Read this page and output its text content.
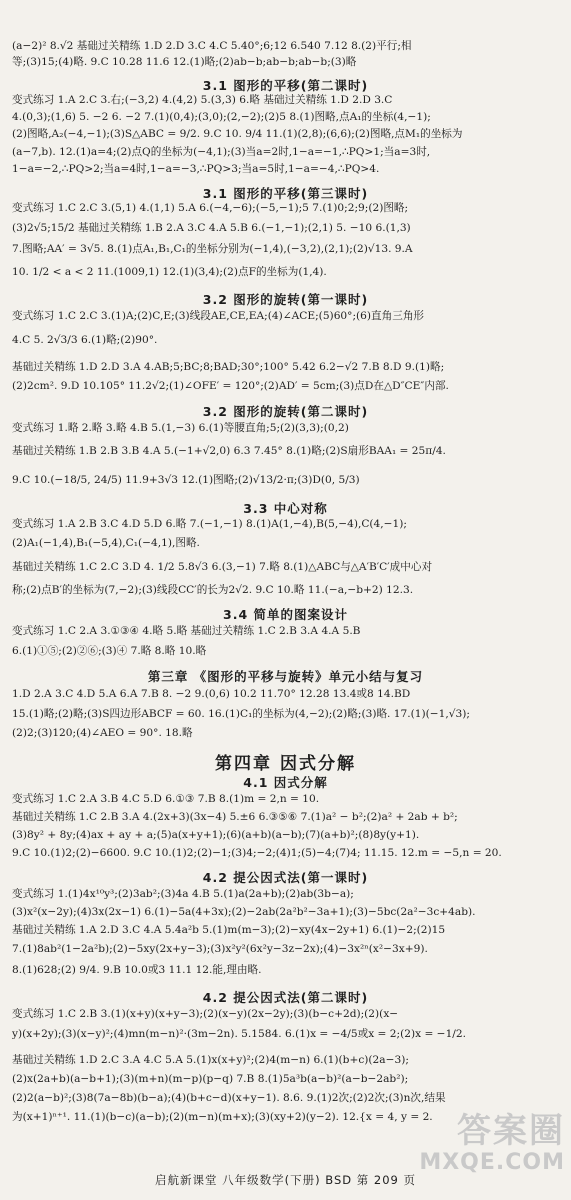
(a−2)² 8.√2 基础过关精练 1.D 2.D 3.C 4.C 5.40°;6;12 6.540 7.12 8.(2)平行;相
等;(3)15;(4)略. 9.C 10.28 11.6 12.(1)略;(2)ab−b;ab−b;ab−b;(3)略
3.1 图形的平移(第二课时)
变式练习 1.A 2.C 3.右;(−3,2) 4.(4,2) 5.(3,3) 6.略 基础过关精练 1.D 2.D 3.C
4.(0,3);(1,6) 5. −2 6. −2 7.(1)(0,4);(3,0);(2,−2);(2)5 8.(1)图略,点A₁的坐标(4,−1);
(2)图略,A₂(−4,−1);(3)S△ABC = 9/2. 9.C 10. 9/4 11.(1)(2,8);(6,6);(2)图略,点M₁的坐标为
(a−7,b). 12.(1)a=4;(2)点Q的坐标为(−4,1);(3)当a=2时,1−a=−1,∴PQ>1;当a=3时,
1−a=−2,∴PQ>2;当a=4时,1−a=−3,∴PQ>3;当a=5时,1−a=−4,∴PQ>4.
3.1 图形的平移(第三课时)
变式练习 1.C 2.C 3.(5,1) 4.(1,1) 5.A 6.(−4,−6);(−5,−1);5 7.(1)0;2;9;(2)图略;
(3)2√5;15/2 基础过关精练 1.B 2.A 3.C 4.A 5.B 6.(−1,−1);(2,1) 5. −10 6.(1,3)
7.图略;AA′ = 3√5. 8.(1)点A₁,B₁,C₁的坐标分别为(−1,4),(−3,2),(2,1);(2)√13. 9.A
10. 1/2 < a < 2 11.(1009,1) 12.(1)(3,4);(2)点F的坐标为(1,4).
3.2 图形的旋转(第一课时)
变式练习 1.C 2.C 3.(1)A;(2)C,E;(3)线段AE,CE,EA;(4)∠ACE;(5)60°;(6)直角三角形
4.C 5. 2√3/3 6.(1)略;(2)90°.
基础过关精练 1.D 2.D 3.A 4.AB;5;BC;8;BAD;30°;100° 5.42 6.2−√2 7.B 8.D 9.(1)略;
(2)2cm². 9.D 10.105° 11.2√2;(1)∠OFE′ = 120°;(2)AD′ = 5cm;(3)点D在△D″CE″内部.
3.2 图形的旋转(第二课时)
变式练习 1.略 2.略 3.略 4.B 5.(1,−3) 6.(1)等腰直角;5;(2)(3,3);(0,2)
基础过关精练 1.B 2.B 3.B 4.A 5.(−1+√2,0) 6.3 7.45° 8.(1)略;(2)S扇形BAA₁ = 25π/4.
9.C 10.(−18/5, 24/5) 11.9+3√3 12.(1)图略;(2)√13/2·π;(3)D(0, 5/3)
3.3 中心对称
变式练习 1.A 2.B 3.C 4.D 5.D 6.略 7.(−1,−1) 8.(1)A(1,−4),B(5,−4),C(4,−1);
(2)A₁(−1,4),B₁(−5,4),C₁(−4,1),图略.
基础过关精练 1.C 2.C 3.D 4. 1/2 5.8√3 6.(3,−1) 7.略 8.(1)△ABC与△A′B′C′成中心对
称;(2)点B′的坐标为(7,−2);(3)线段CC′的长为2√2. 9.C 10.略 11.(−a,−b+2) 12.3.
3.4 简单的图案设计
变式练习 1.C 2.A 3.①③④ 4.略 5.略 基础过关精练 1.C 2.B 3.A 4.A 5.B
6.(1)①⑤;(2)②⑥;(3)④ 7.略 8.略 10.略
第三章 《图形的平移与旋转》单元小结与复习
1.D 2.A 3.C 4.D 5.A 6.A 7.B 8. −2 9.(0,6) 10.2 11.70° 12.28 13.4或8 14.BD
15.(1)略;(2)略;(3)S四边形ABCF = 60. 16.(1)C₁的坐标为(4,−2);(2)略;(3)略. 17.(1)(−1,√3);
(2)2;(3)120;(4)∠AEO = 90°. 18.略
第四章 因式分解
4.1 因式分解
变式练习 1.C 2.A 3.B 4.C 5.D 6.①③ 7.B 8.(1)m = 2,n = 10.
基础过关精练 1.C 2.B 3.A 4.(2x+3)(3x−4) 5.±6 6.③⑤⑥ 7.(1)a² − b²;(2)a² + 2ab + b²;
(3)8y² + 8y;(4)ax + ay + a;(5)a(x+y+1);(6)(a+b)(a−b);(7)(a+b)²;(8)8y(y+1).
9.C 10.(1)2;(2)−6600. 9.C 10.(1)2;(2)−1;(3)4;−2;(4)1;(5)−4;(7)4; 11.15. 12.m = −5,n = 20.
4.2 提公因式法(第一课时)
变式练习 1.(1)4x¹⁰y³;(2)3ab²;(3)4a 4.B 5.(1)a(2a+b);(2)ab(3b−a);
(3)x²(x−2y);(4)3x(2x−1) 6.(1)−5a(4+3x);(2)−2ab(2a²b²−3a+1);(3)−5bc(2a²−3c+4ab).
基础过关精练 1.A 2.D 3.C 4.A 5.4a²b 5.(1)m(m−3);(2)−xy(4x−2y+1) 6.(1)−2;(2)15
7.(1)8ab²(1−2a²b);(2)−5xy(2x+y−3);(3)x²y²(6x²y−3z−2x);(4)−3x²ⁿ(x²−3x+9).
8.(1)628;(2) 9/4. 9.B 10.0或3 11.1 12.能,理由略.
4.2 提公因式法(第二课时)
变式练习 1.C 2.B 3.(1)(x+y)(x+y−3);(2)(x−y)(2x−2y);(3)(b−c+2d);(2)(x−
y)(x+2y);(3)(x−y)²;(4)mn(m−n)²·(3m−2n). 5.1584. 6.(1)x = −4/5或x = 2;(2)x = −1/2.
基础过关精练 1.D 2.C 3.A 4.C 5.A 5.(1)x(x+y)²;(2)4(m−n) 6.(1)(b+c)(2a−3);
(2)x(2a+b)(a−b+1);(3)(m+n)(m−p)(p−q) 7.B 8.(1)5a³b(a−b)²(a−b−2ab²);
(2)2(a−b)²;(3)8(7a−8b)(b−a);(4)(b+c−d)(x+y−1). 8.6. 9.(1)2次;(2)2次;(3)n次,结果
为(x+1)ⁿ⁺¹. 11.(1)(b−c)(a−b);(2)(m−n)(m+x);(3)(xy+2)(y−2). 12.{x = 4, y = 2.
启航新课堂 八年级数学(下册) BSD 第 209 页
答案圈
MXQE.COM
